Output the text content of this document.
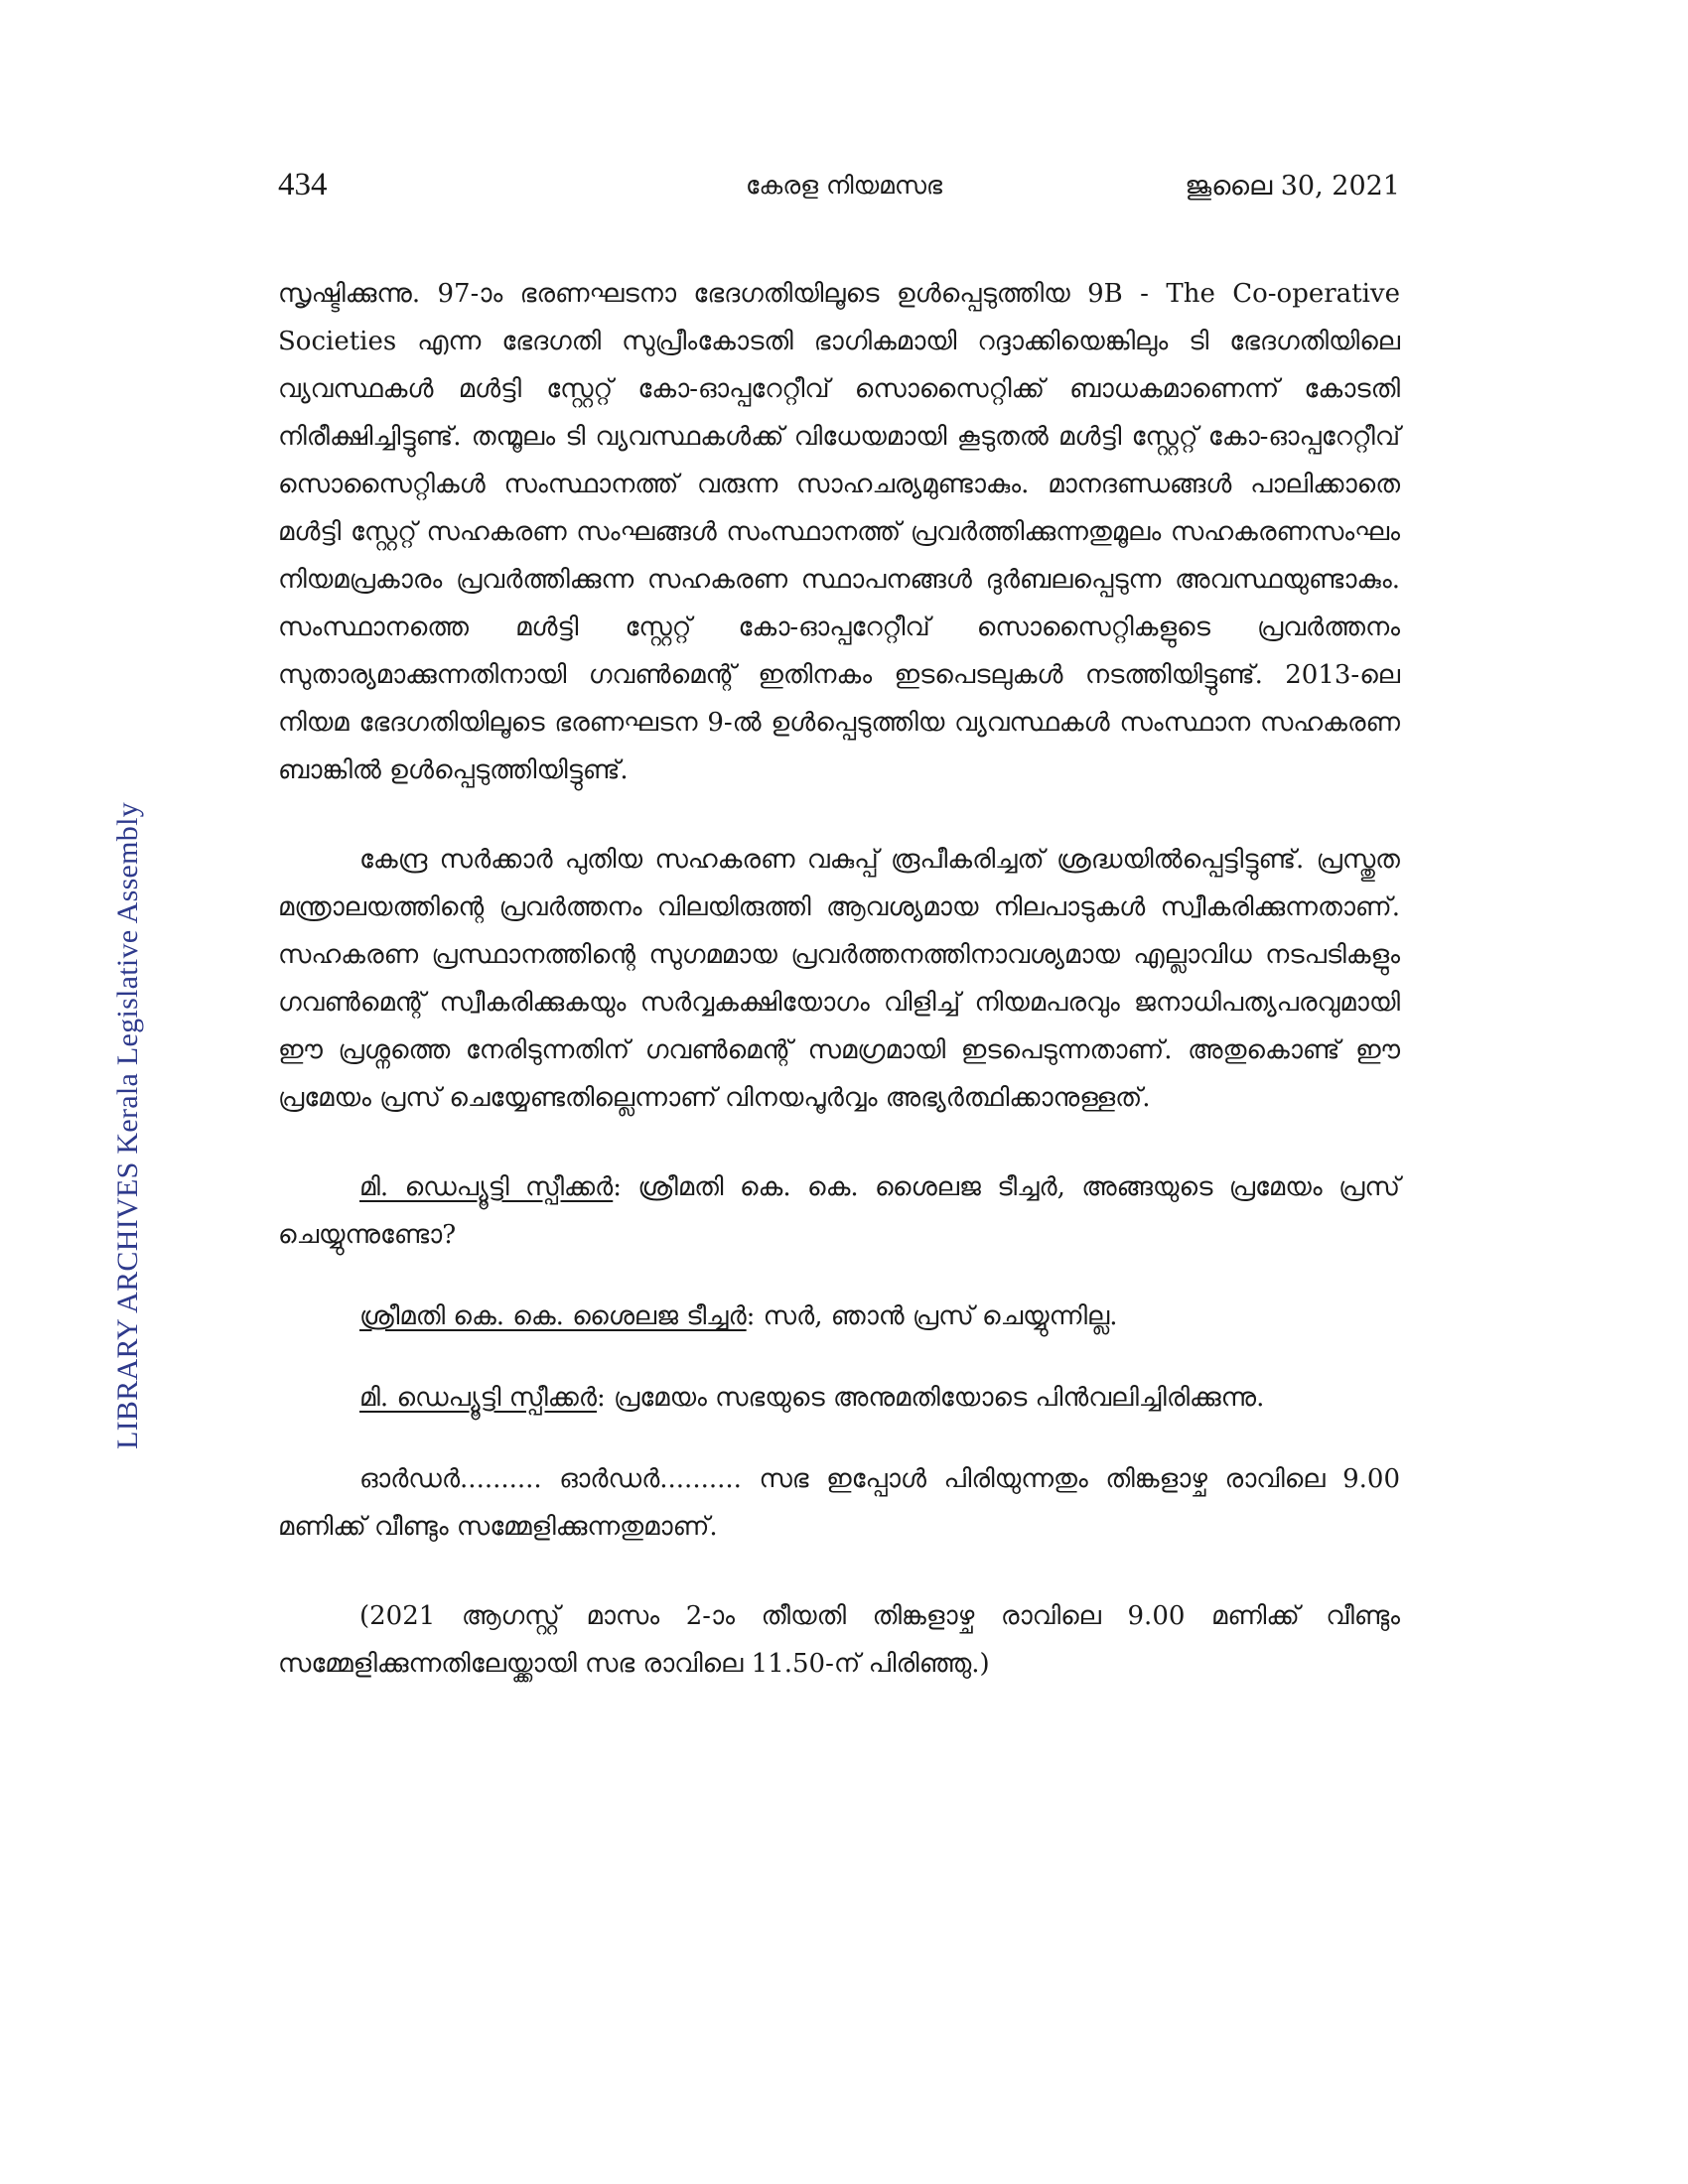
434	കേരള നിയമസഭ	ജൂലൈ 30, 2021
LIBRARY ARCHIVES Kerala Legislative Assembly

സൃഷ്ടിക്കുന്നു. 97-ാം ഭരണഘടനാ ഭേദഗതിയിലൂടെ ഉൾപ്പെടുത്തിയ 9B - The Co-operative Societies എന്ന ഭേദഗതി സുപ്രീംകോടതി ഭാഗികമായി റദ്ദാക്കിയെങ്കിലും ടി ഭേദഗതിയിലെ വ്യവസ്ഥകൾ മൾട്ടി സ്റ്റേറ്റ് കോ-ഓപ്പറേറ്റീവ് സൊസൈറ്റിക്ക് ബാധകമാണെന്ന് കോടതി നിരീക്ഷിച്ചിട്ടുണ്ട്. തന്മൂലം ടി വ്യവസ്ഥകൾക്ക് വിധേയമായി കൂടുതൽ മൾട്ടി സ്റ്റേറ്റ് കോ-ഓപ്പറേറ്റീവ് സൊസൈറ്റികൾ സംസ്ഥാനത്ത് വരുന്ന സാഹചര്യമുണ്ടാകും. മാനദണ്ഡങ്ങൾ പാലിക്കാതെ മൾട്ടി സ്റ്റേറ്റ് സഹകരണ സംഘങ്ങൾ സംസ്ഥാനത്ത് പ്രവർത്തിക്കുന്നതുമൂലം സഹകരണസംഘം നിയമപ്രകാരം പ്രവർത്തിക്കുന്ന സഹകരണ സ്ഥാപനങ്ങൾ ദുർബലപ്പെടുന്ന അവസ്ഥയുണ്ടാകും. സംസ്ഥാനത്തെ മൾട്ടി സ്റ്റേറ്റ് കോ-ഓപ്പറേറ്റീവ് സൊസൈറ്റികളുടെ പ്രവർത്തനം സുതാര്യമാക്കുന്നതിനായി ഗവൺമെന്റ് ഇതിനകം ഇടപെടലുകൾ നടത്തിയിട്ടുണ്ട്. 2013-ലെ നിയമ ഭേദഗതിയിലൂടെ ഭരണഘടന 9-ൽ ഉൾപ്പെടുത്തിയ വ്യവസ്ഥകൾ സംസ്ഥാന സഹകരണ ബാങ്കിൽ ഉൾപ്പെടുത്തിയിട്ടുണ്ട്.

കേന്ദ്ര സർക്കാർ പുതിയ സഹകരണ വകുപ്പ് രൂപീകരിച്ചത് ശ്രദ്ധയിൽപ്പെട്ടിട്ടുണ്ട്. പ്രസ്തുത മന്ത്രാലയത്തിന്റെ പ്രവർത്തനം വിലയിരുത്തി ആവശ്യമായ നിലപാടുകൾ സ്വീകരിക്കുന്നതാണ്. സഹകരണ പ്രസ്ഥാനത്തിന്റെ സുഗമമായ പ്രവർത്തനത്തിനാവശ്യമായ എല്ലാവിധ നടപടികളും ഗവൺമെന്റ് സ്വീകരിക്കുകയും സർവ്വകക്ഷിയോഗം വിളിച്ച് നിയമപരവും ജനാധിപത്യപരവുമായി ഈ പ്രശ്നത്തെ നേരിടുന്നതിന് ഗവൺമെന്റ് സമഗ്രമായി ഇടപെടുന്നതാണ്. അതുകൊണ്ട് ഈ പ്രമേയം പ്രസ് ചെയ്യേണ്ടതില്ലെന്നാണ് വിനയപൂർവ്വം അഭ്യർത്ഥിക്കാനുള്ളത്.

മി. ഡെപ്യൂട്ടി സ്പീക്കർ: ശ്രീമതി കെ. കെ. ശൈലജ ടീച്ചർ, അങ്ങയുടെ പ്രമേയം പ്രസ് ചെയ്യുന്നുണ്ടോ?

ശ്രീമതി കെ. കെ. ശൈലജ ടീച്ചർ: സർ, ഞാൻ പ്രസ് ചെയ്യുന്നില്ല.

മി. ഡെപ്യൂട്ടി സ്പീക്കർ: പ്രമേയം സഭയുടെ അനുമതിയോടെ പിൻവലിച്ചിരിക്കുന്നു.

ഓർഡർ.......... ഓർഡർ.......... സഭ ഇപ്പോൾ പിരിയുന്നതും തിങ്കളാഴ്ച രാവിലെ 9.00 മണിക്ക് വീണ്ടും സമ്മേളിക്കുന്നതുമാണ്.

(2021 ആഗസ്റ്റ് മാസം 2-ാം തീയതി തിങ്കളാഴ്ച രാവിലെ 9.00 മണിക്ക് വീണ്ടും സമ്മേളിക്കുന്നതിലേയ്ക്കായി സഭ രാവിലെ 11.50-ന് പിരിഞ്ഞു.)
